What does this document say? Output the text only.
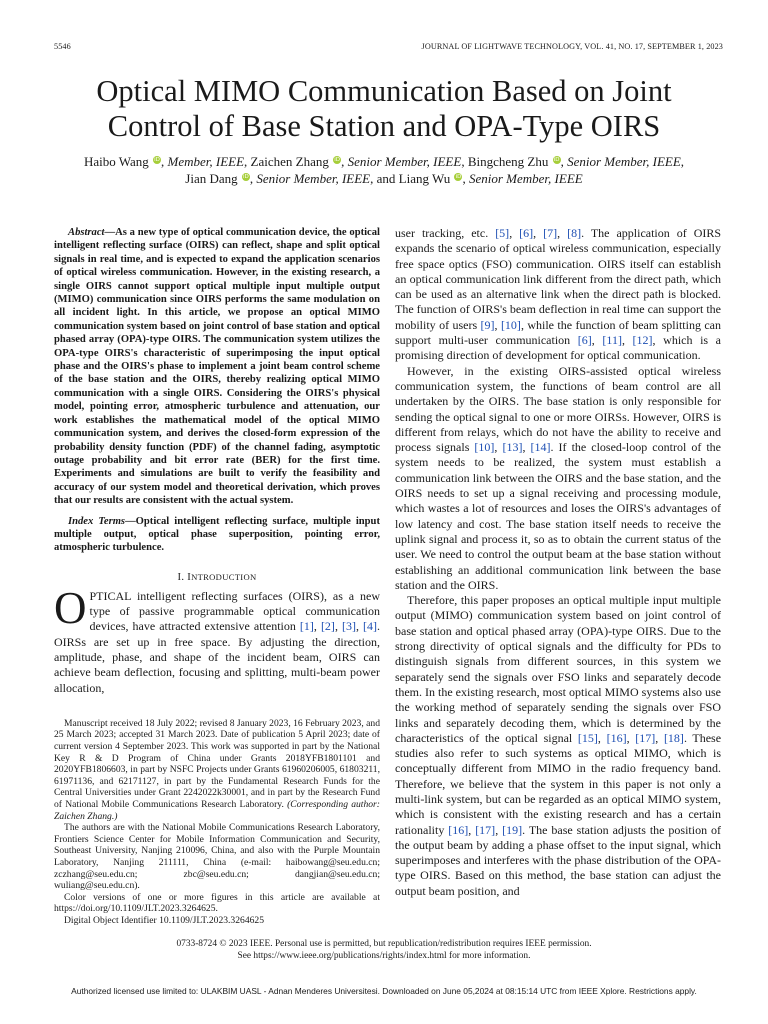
5546	JOURNAL OF LIGHTWAVE TECHNOLOGY, VOL. 41, NO. 17, SEPTEMBER 1, 2023
Optical MIMO Communication Based on Joint
Control of Base Station and OPA-Type OIRS
Haibo Wang iD, Member, IEEE, Zaichen Zhang iD, Senior Member, IEEE, Bingcheng Zhu iD, Senior Member, IEEE,
Jian Dang iD, Senior Member, IEEE, and Liang Wu iD, Senior Member, IEEE

Abstract—As a new type of optical communication device, the optical intelligent reflecting surface (OIRS) can reflect, shape and split optical signals in real time, and is expected to expand the application scenarios of optical wireless communication. However, in the existing research, a single OIRS cannot support optical multiple input multiple output (MIMO) communication since OIRS performs the same modulation on all incident light. In this article, we propose an optical MIMO communication system based on joint control of base station and optical phased array (OPA)-type OIRS. The communication system utilizes the OPA-type OIRS's characteristic of superimposing the input optical phase and the OIRS's phase to implement a joint beam control scheme of the base station and the OIRS, thereby realizing optical MIMO communication with a single OIRS. Considering the OIRS's physical model, pointing error, atmospheric turbulence and attenuation, our work establishes the mathematical model of the optical MIMO communication system, and derives the closed-form expression of the probability density function (PDF) of the channel fading, asymptotic outage probability and bit error rate (BER) for the first time. Experiments and simulations are built to verify the feasibility and accuracy of our system model and theoretical derivation, which proves that our results are consistent with the actual system.

Index Terms—Optical intelligent reflecting surface, multiple input multiple output, optical phase superposition, pointing error, atmospheric turbulence.

I. INTRODUCTION

OPTICAL intelligent reflecting surfaces (OIRS), as a new type of passive programmable optical communication devices, have attracted extensive attention [1], [2], [3], [4]. OIRSs are set up in free space. By adjusting the direction, amplitude, phase, and shape of the incident beam, OIRS can achieve beam deflection, focusing and splitting, multi-beam power allocation,

Manuscript received 18 July 2022; revised 8 January 2023, 16 February 2023, and 25 March 2023; accepted 31 March 2023. Date of publication 5 April 2023; date of current version 4 September 2023. This work was supported in part by the National Key R & D Program of China under Grants 2018YFB1801101 and 2020YFB1806603, in part by NSFC Projects under Grants 61960206005, 61803211, 61971136, and 62171127, in part by the Fundamental Research Funds for the Central Universities under Grant 2242022k30001, and in part by the Research Fund of National Mobile Communications Research Laboratory. (Corresponding author: Zaichen Zhang.)

The authors are with the National Mobile Communications Research Laboratory, Frontiers Science Center for Mobile Information Communication and Security, Southeast University, Nanjing 210096, China, and also with the Purple Mountain Laboratory, Nanjing 211111, China (e-mail: haibowang@seu.edu.cn; zczhang@seu.edu.cn; zbc@seu.edu.cn; dangjian@seu.edu.cn; wuliang@seu.edu.cn).

Color versions of one or more figures in this article are available at https://doi.org/10.1109/JLT.2023.3264625.

Digital Object Identifier 10.1109/JLT.2023.3264625

user tracking, etc. [5], [6], [7], [8]. The application of OIRS expands the scenario of optical wireless communication, especially free space optics (FSO) communication. OIRS itself can establish an optical communication link different from the direct path, which can be used as an alternative link when the direct path is blocked. The function of OIRS's beam deflection in real time can support the mobility of users [9], [10], while the function of beam splitting can support multi-user communication [6], [11], [12], which is a promising direction of development for optical communication.

However, in the existing OIRS-assisted optical wireless communication system, the functions of beam control are all undertaken by the OIRS. The base station is only responsible for sending the optical signal to one or more OIRSs. However, OIRS is different from relays, which do not have the ability to receive and process signals [10], [13], [14]. If the closed-loop control of the system needs to be realized, the system must establish a communication link between the OIRS and the base station, and the OIRS needs to set up a signal receiving and processing module, which wastes a lot of resources and loses the OIRS's advantages of low latency and cost. The base station itself needs to receive the uplink signal and process it, so as to obtain the current status of the user. We need to control the output beam at the base station without establishing an additional communication link between the base station and the OIRS.

Therefore, this paper proposes an optical multiple input multiple output (MIMO) communication system based on joint control of base station and optical phased array (OPA)-type OIRS. Due to the strong directivity of optical signals and the difficulty for PDs to distinguish signals from different sources, in this system we separately send the signals over FSO links and separately decode them. In the existing research, most optical MIMO systems also use the working method of separately sending the signals over FSO links and separately decoding them, which is determined by the characteristics of the optical signal [15], [16], [17], [18]. These studies also refer to such systems as optical MIMO, which is conceptually different from MIMO in the radio frequency band. Therefore, we believe that the system in this paper is not only a multi-link system, but can be regarded as an optical MIMO system, which is consistent with the existing research and has a certain rationality [16], [17], [19]. The base station adjusts the position of the output beam by adding a phase offset to the input signal, which superimposes and interferes with the phase distribution of the OPA-type OIRS. Based on this method, the base station can adjust the output beam position, and

0733-8724 © 2023 IEEE. Personal use is permitted, but republication/redistribution requires IEEE permission.
See https://www.ieee.org/publications/rights/index.html for more information.
Authorized licensed use limited to: ULAKBIM UASL - Adnan Menderes Universitesi. Downloaded on June 05,2024 at 08:15:14 UTC from IEEE Xplore. Restrictions apply.
